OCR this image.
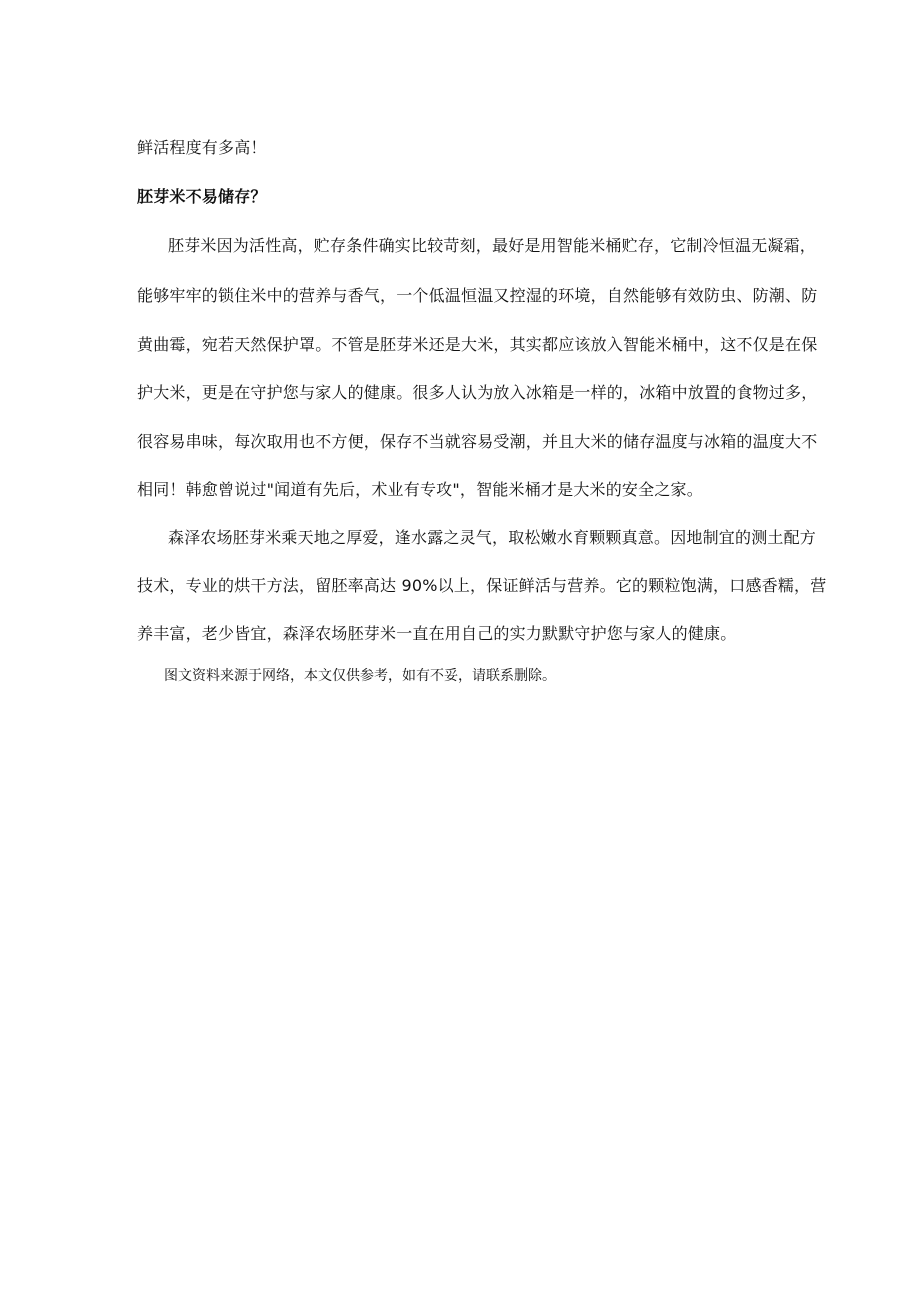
鲜活程度有多高！
胚芽米不易储存？
胚芽米因为活性高，贮存条件确实比较苛刻，最好是用智能米桶贮存，它制冷恒温无凝霜，
能够牢牢的锁住米中的营养与香气，一个低温恒温又控湿的环境，自然能够有效防虫、防潮、防
黄曲霉，宛若天然保护罩。不管是胚芽米还是大米，其实都应该放入智能米桶中，这不仅是在保
护大米，更是在守护您与家人的健康。很多人认为放入冰箱是一样的，冰箱中放置的食物过多，
很容易串味，每次取用也不方便，保存不当就容易受潮，并且大米的储存温度与冰箱的温度大不
相同！韩愈曾说过"闻道有先后，术业有专攻"，智能米桶才是大米的安全之家。
森泽农场胚芽米乘天地之厚爱，逢水露之灵气，取松嫩水育颗颗真意。因地制宜的测土配方
技术，专业的烘干方法，留胚率高达 90%以上，保证鲜活与营养。它的颗粒饱满，口感香糯，营
养丰富，老少皆宜，森泽农场胚芽米一直在用自己的实力默默守护您与家人的健康。
图文资料来源于网络，本文仅供参考，如有不妥，请联系删除。
